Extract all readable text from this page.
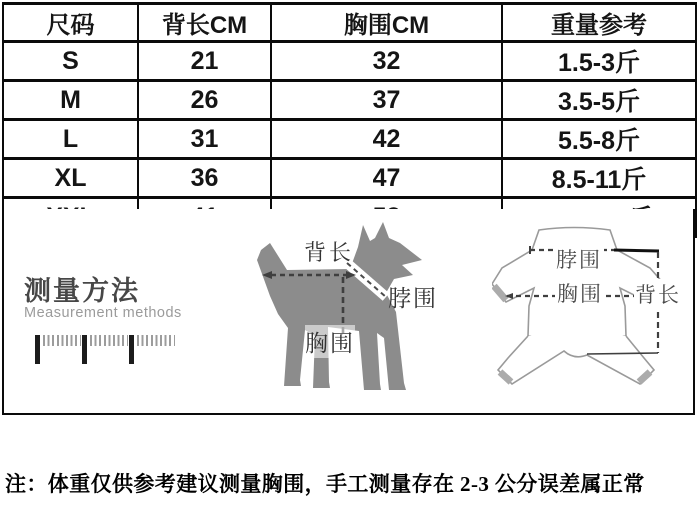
尺码	背长CM	胸围CM	重量参考
S	21	32	1.5-3斤
M	26	37	3.5-5斤
L	31	42	5.5-8斤
XL	36	47	8.5-11斤

测量方法
Measurement methods
背长
脖围
胸围
脖围
胸围 背长
注：体重仅供参考建议测量胸围，手工测量存在 2-3 公分误差属正常
